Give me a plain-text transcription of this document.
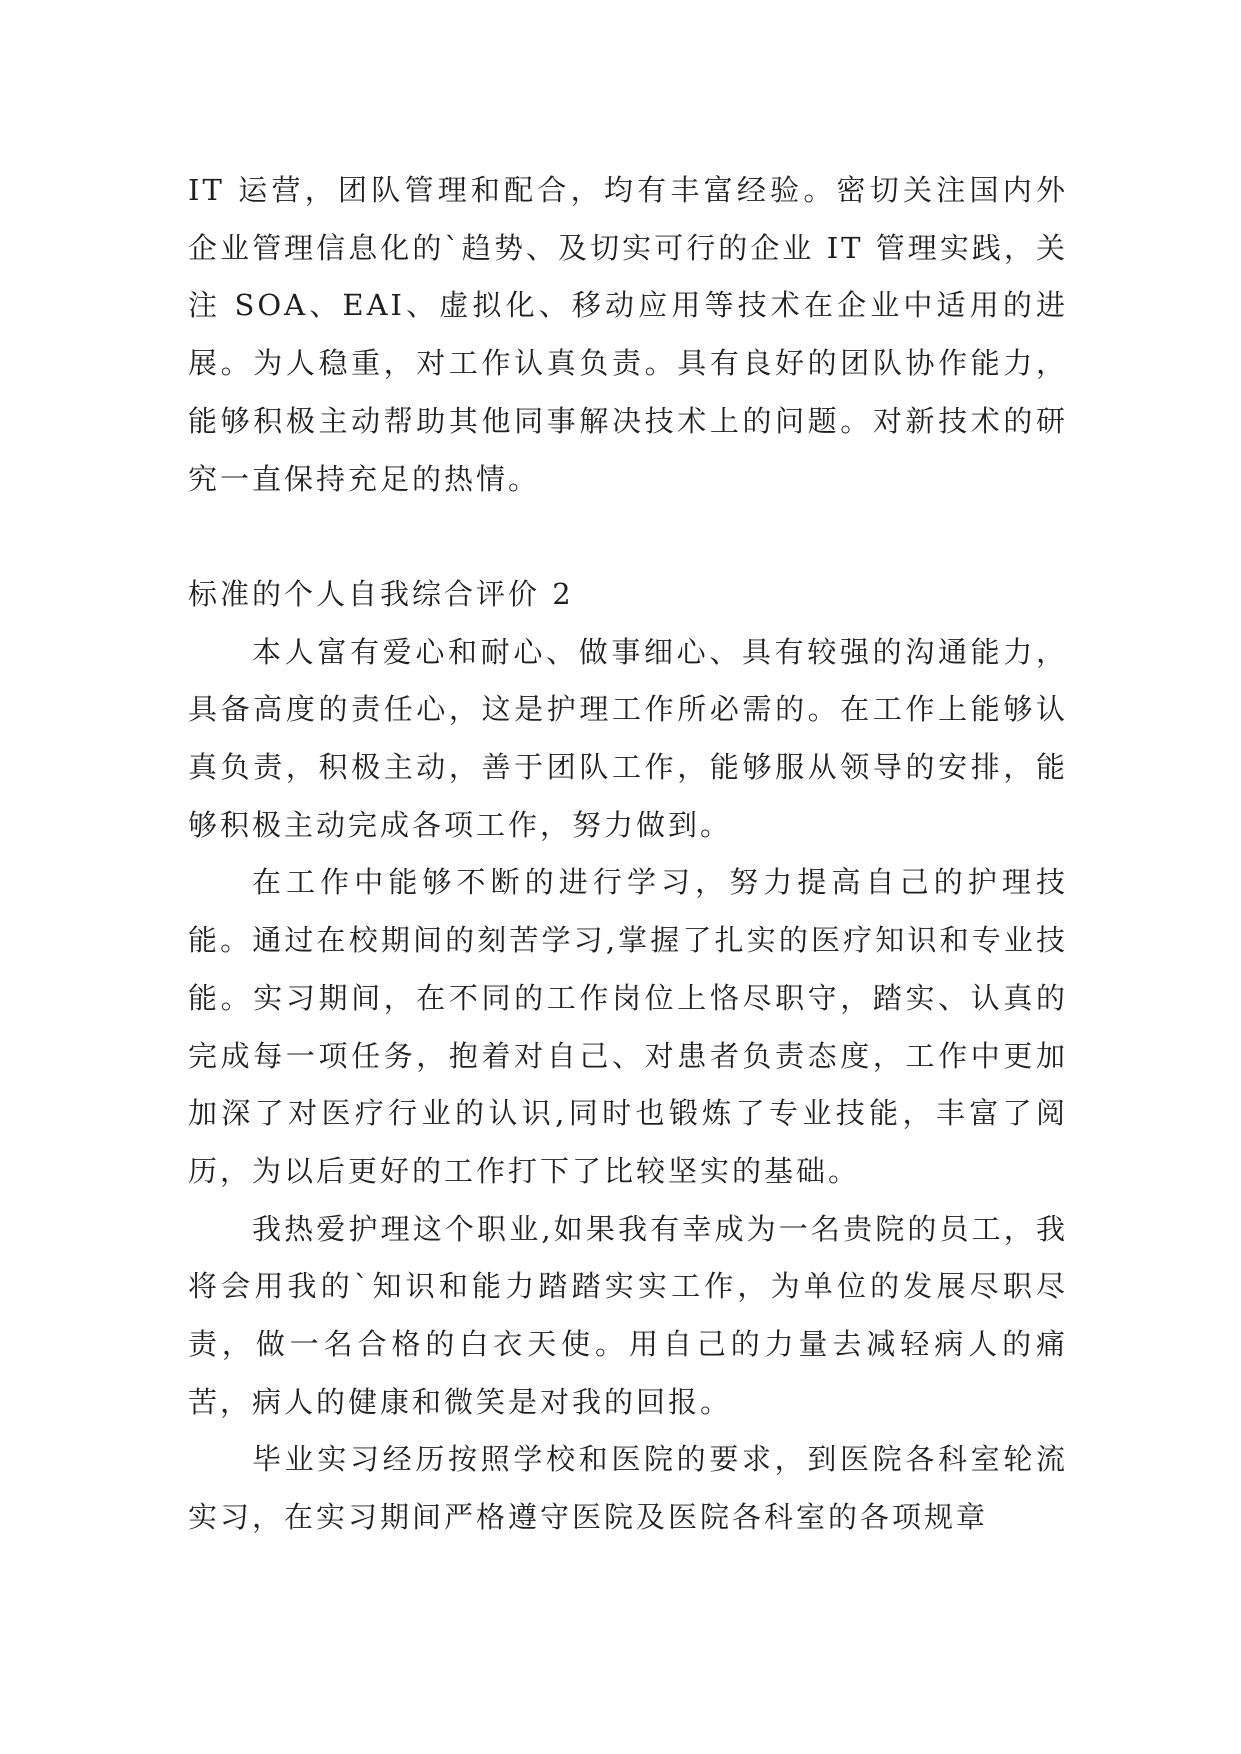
IT 运营，团队管理和配合，均有丰富经验。密切关注国内外企业管理信息化的`趋势、及切实可行的企业 IT 管理实践，关注 SOA、EAI、虚拟化、移动应用等技术在企业中适用的进展。为人稳重，对工作认真负责。具有良好的团队协作能力，能够积极主动帮助其他同事解决技术上的问题。对新技术的研究一直保持充足的热情。

标准的个人自我综合评价 2

本人富有爱心和耐心、做事细心、具有较强的沟通能力，具备高度的责任心，这是护理工作所必需的。在工作上能够认真负责，积极主动，善于团队工作，能够服从领导的安排，能够积极主动完成各项工作，努力做到。

在工作中能够不断的进行学习，努力提高自己的护理技能。通过在校期间的刻苦学习,掌握了扎实的医疗知识和专业技能。实习期间，在不同的工作岗位上恪尽职守，踏实、认真的完成每一项任务，抱着对自己、对患者负责态度，工作中更加加深了对医疗行业的认识,同时也锻炼了专业技能，丰富了阅历，为以后更好的工作打下了比较坚实的基础。

我热爱护理这个职业,如果我有幸成为一名贵院的员工，我将会用我的`知识和能力踏踏实实工作，为单位的发展尽职尽责，做一名合格的白衣天使。用自己的力量去减轻病人的痛苦，病人的健康和微笑是对我的回报。

毕业实习经历按照学校和医院的要求，到医院各科室轮流实习，在实习期间严格遵守医院及医院各科室的各项规章
